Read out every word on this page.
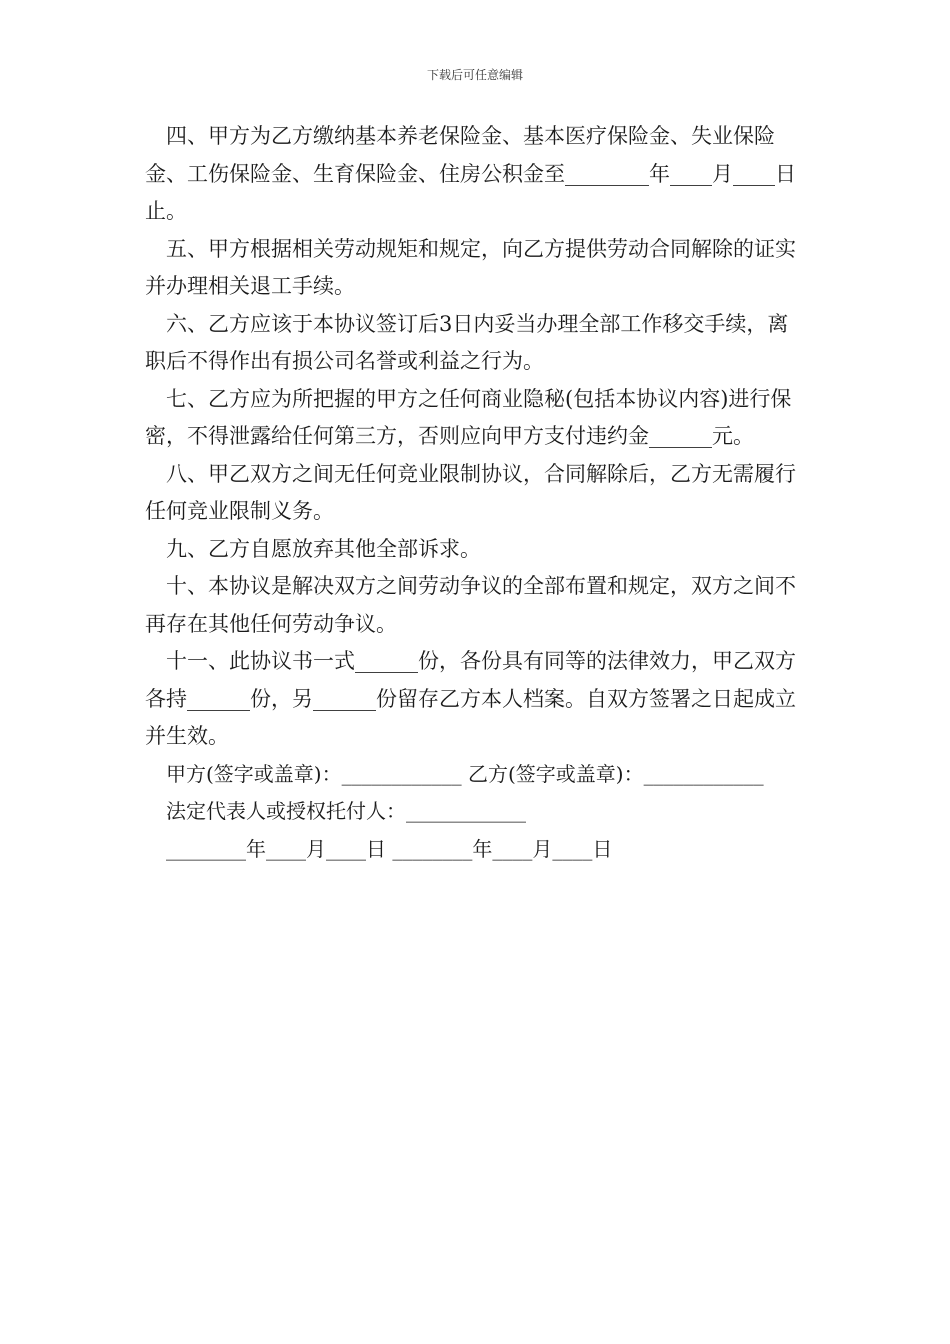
下载后可任意编辑

四、甲方为乙方缴纳基本养老保险金、基本医疗保险金、失业保险金、工伤保险金、生育保险金、住房公积金至________年____月____日止。

五、甲方根据相关劳动规矩和规定，向乙方提供劳动合同解除的证实并办理相关退工手续。

六、乙方应该于本协议签订后3日内妥当办理全部工作移交手续，离职后不得作出有损公司名誉或利益之行为。

七、乙方应为所把握的甲方之任何商业隐秘(包括本协议内容)进行保密，不得泄露给任何第三方，否则应向甲方支付违约金______元。

八、甲乙双方之间无任何竞业限制协议，合同解除后，乙方无需履行任何竞业限制义务。

九、乙方自愿放弃其他全部诉求。

十、本协议是解决双方之间劳动争议的全部布置和规定，双方之间不再存在其他任何劳动争议。

十一、此协议书一式______份，各份具有同等的法律效力，甲乙双方各持______份，另______份留存乙方本人档案。自双方签署之日起成立并生效。

甲方(签字或盖章)：____________ 乙方(签字或盖章)：____________

法定代表人或授权托付人：____________

________年____月____日 ________年____月____日
